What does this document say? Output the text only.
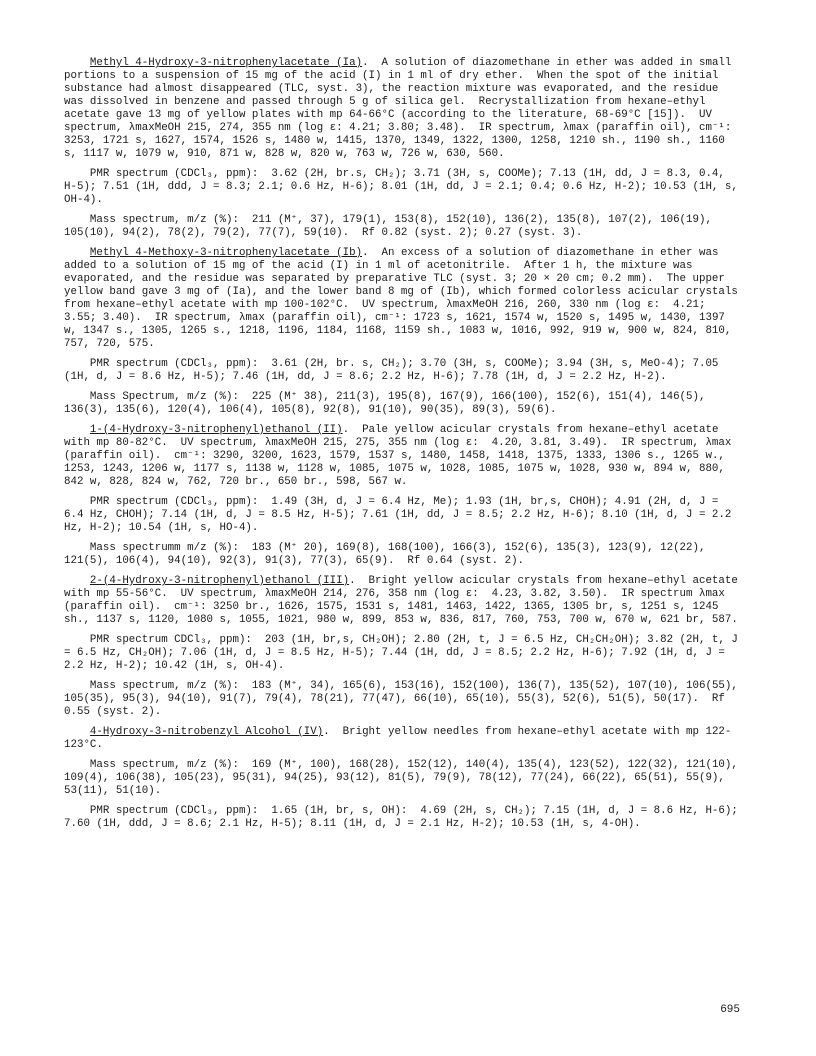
Methyl 4-Hydroxy-3-nitrophenylacetate (Ia).  A solution of diazomethane in ether was added in small portions to a suspension of 15 mg of the acid (I) in 1 ml of dry ether.  When the spot of the initial substance had almost disappeared (TLC, syst. 3), the reaction mixture was evaporated, and the residue was dissolved in benzene and passed through 5 g of silica gel.  Recrystallization from hexane–ethyl acetate gave 13 mg of yellow plates with mp 64-66°C (according to the literature, 68-69°C [15]).  UV spectrum, λmaxMeOH 215, 274, 355 nm (log ε: 4.21; 3.80; 3.48).  IR spectrum, λmax (paraffin oil), cm⁻¹: 3253, 1721 s, 1627, 1574, 1526 s, 1480 w, 1415, 1370, 1349, 1322, 1300, 1258, 1210 sh., 1190 sh., 1160 s, 1117 w, 1079 w, 910, 871 w, 828 w, 820 w, 763 w, 726 w, 630, 560.

PMR spectrum (CDCl₃, ppm):  3.62 (2H, br.s, CH₂); 3.71 (3H, s, COOMe); 7.13 (1H, dd, J = 8.3, 0.4, H-5); 7.51 (1H, ddd, J = 8.3; 2.1; 0.6 Hz, H-6); 8.01 (1H, dd, J = 2.1; 0.4; 0.6 Hz, H-2); 10.53 (1H, s, OH-4).

Mass spectrum, m/z (%):  211 (M⁺, 37), 179(1), 153(8), 152(10), 136(2), 135(8), 107(2), 106(19), 105(10), 94(2), 78(2), 79(2), 77(7), 59(10).  Rf 0.82 (syst. 2); 0.27 (syst. 3).

Methyl 4-Methoxy-3-nitrophenylacetate (Ib).  An excess of a solution of diazomethane in ether was added to a solution of 15 mg of the acid (I) in 1 ml of acetonitrile.  After 1 h, the mixture was evaporated, and the residue was separated by preparative TLC (syst. 3; 20 × 20 cm; 0.2 mm).  The upper yellow band gave 3 mg of (Ia), and the lower band 8 mg of (Ib), which formed colorless acicular crystals from hexane–ethyl acetate with mp 100-102°C.  UV spectrum, λmaxMeOH 216, 260, 330 nm (log ε:  4.21; 3.55; 3.40).  IR spectrum, λmax (paraffin oil), cm⁻¹: 1723 s, 1621, 1574 w, 1520 s, 1495 w, 1430, 1397 w, 1347 s., 1305, 1265 s., 1218, 1196, 1184, 1168, 1159 sh., 1083 w, 1016, 992, 919 w, 900 w, 824, 810, 757, 720, 575.

PMR spectrum (CDCl₃, ppm):  3.61 (2H, br. s, CH₂); 3.70 (3H, s, COOMe); 3.94 (3H, s, MeO-4); 7.05 (1H, d, J = 8.6 Hz, H-5); 7.46 (1H, dd, J = 8.6; 2.2 Hz, H-6); 7.78 (1H, d, J = 2.2 Hz, H-2).

Mass Spectrum, m/z (%):  225 (M⁺ 38), 211(3), 195(8), 167(9), 166(100), 152(6), 151(4), 146(5), 136(3), 135(6), 120(4), 106(4), 105(8), 92(8), 91(10), 90(35), 89(3), 59(6).

1-(4-Hydroxy-3-nitrophenyl)ethanol (II).  Pale yellow acicular crystals from hexane–ethyl acetate with mp 80-82°C.  UV spectrum, λmaxMeOH 215, 275, 355 nm (log ε:  4.20, 3.81, 3.49).  IR spectrum, λmax (paraffin oil).  cm⁻¹: 3290, 3200, 1623, 1579, 1537 s, 1480, 1458, 1418, 1375, 1333, 1306 s., 1265 w., 1253, 1243, 1206 w, 1177 s, 1138 w, 1128 w, 1085, 1075 w, 1028, 1085, 1075 w, 1028, 930 w, 894 w, 880, 842 w, 828, 824 w, 762, 720 br., 650 br., 598, 567 w.

PMR spectrum (CDCl₃, ppm):  1.49 (3H, d, J = 6.4 Hz, Me); 1.93 (1H, br,s, CHOH); 4.91 (2H, d, J = 6.4 Hz, CHOH); 7.14 (1H, d, J = 8.5 Hz, H-5); 7.61 (1H, dd, J = 8.5; 2.2 Hz, H-6); 8.10 (1H, d, J = 2.2 Hz, H-2); 10.54 (1H, s, HO-4).

Mass spectrumm m/z (%):  183 (M⁺ 20), 169(8), 168(100), 166(3), 152(6), 135(3), 123(9), 12(22), 121(5), 106(4), 94(10), 92(3), 91(3), 77(3), 65(9).  Rf 0.64 (syst. 2).

2-(4-Hydroxy-3-nitrophenyl)ethanol (III).  Bright yellow acicular crystals from hexane–ethyl acetate with mp 55-56°C.  UV spectrum, λmaxMeOH 214, 276, 358 nm (log ε:  4.23, 3.82, 3.50).  IR spectrum λmax (paraffin oil).  cm⁻¹: 3250 br., 1626, 1575, 1531 s, 1481, 1463, 1422, 1365, 1305 br, s, 1251 s, 1245 sh., 1137 s, 1120, 1080 s, 1055, 1021, 980 w, 899, 853 w, 836, 817, 760, 753, 700 w, 670 w, 621 br, 587.

PMR spectrum CDCl₃, ppm):  203 (1H, br,s, CH₂OH); 2.80 (2H, t, J = 6.5 Hz, CH₂CH₂OH); 3.82 (2H, t, J = 6.5 Hz, CH₂OH); 7.06 (1H, d, J = 8.5 Hz, H-5); 7.44 (1H, dd, J = 8.5; 2.2 Hz, H-6); 7.92 (1H, d, J = 2.2 Hz, H-2); 10.42 (1H, s, OH-4).

Mass spectrum, m/z (%):  183 (M⁺, 34), 165(6), 153(16), 152(100), 136(7), 135(52), 107(10), 106(55), 105(35), 95(3), 94(10), 91(7), 79(4), 78(21), 77(47), 66(10), 65(10), 55(3), 52(6), 51(5), 50(17).  Rf 0.55 (syst. 2).

4-Hydroxy-3-nitrobenzyl Alcohol (IV).  Bright yellow needles from hexane–ethyl acetate with mp 122-123°C.

Mass spectrum, m/z (%):  169 (M⁺, 100), 168(28), 152(12), 140(4), 135(4), 123(52), 122(32), 121(10), 109(4), 106(38), 105(23), 95(31), 94(25), 93(12), 81(5), 79(9), 78(12), 77(24), 66(22), 65(51), 55(9), 53(11), 51(10).

PMR spectrum (CDCl₃, ppm):  1.65 (1H, br, s, OH):  4.69 (2H, s, CH₂); 7.15 (1H, d, J = 8.6 Hz, H-6); 7.60 (1H, ddd, J = 8.6; 2.1 Hz, H-5); 8.11 (1H, d, J = 2.1 Hz, H-2); 10.53 (1H, s, 4-OH).

695
